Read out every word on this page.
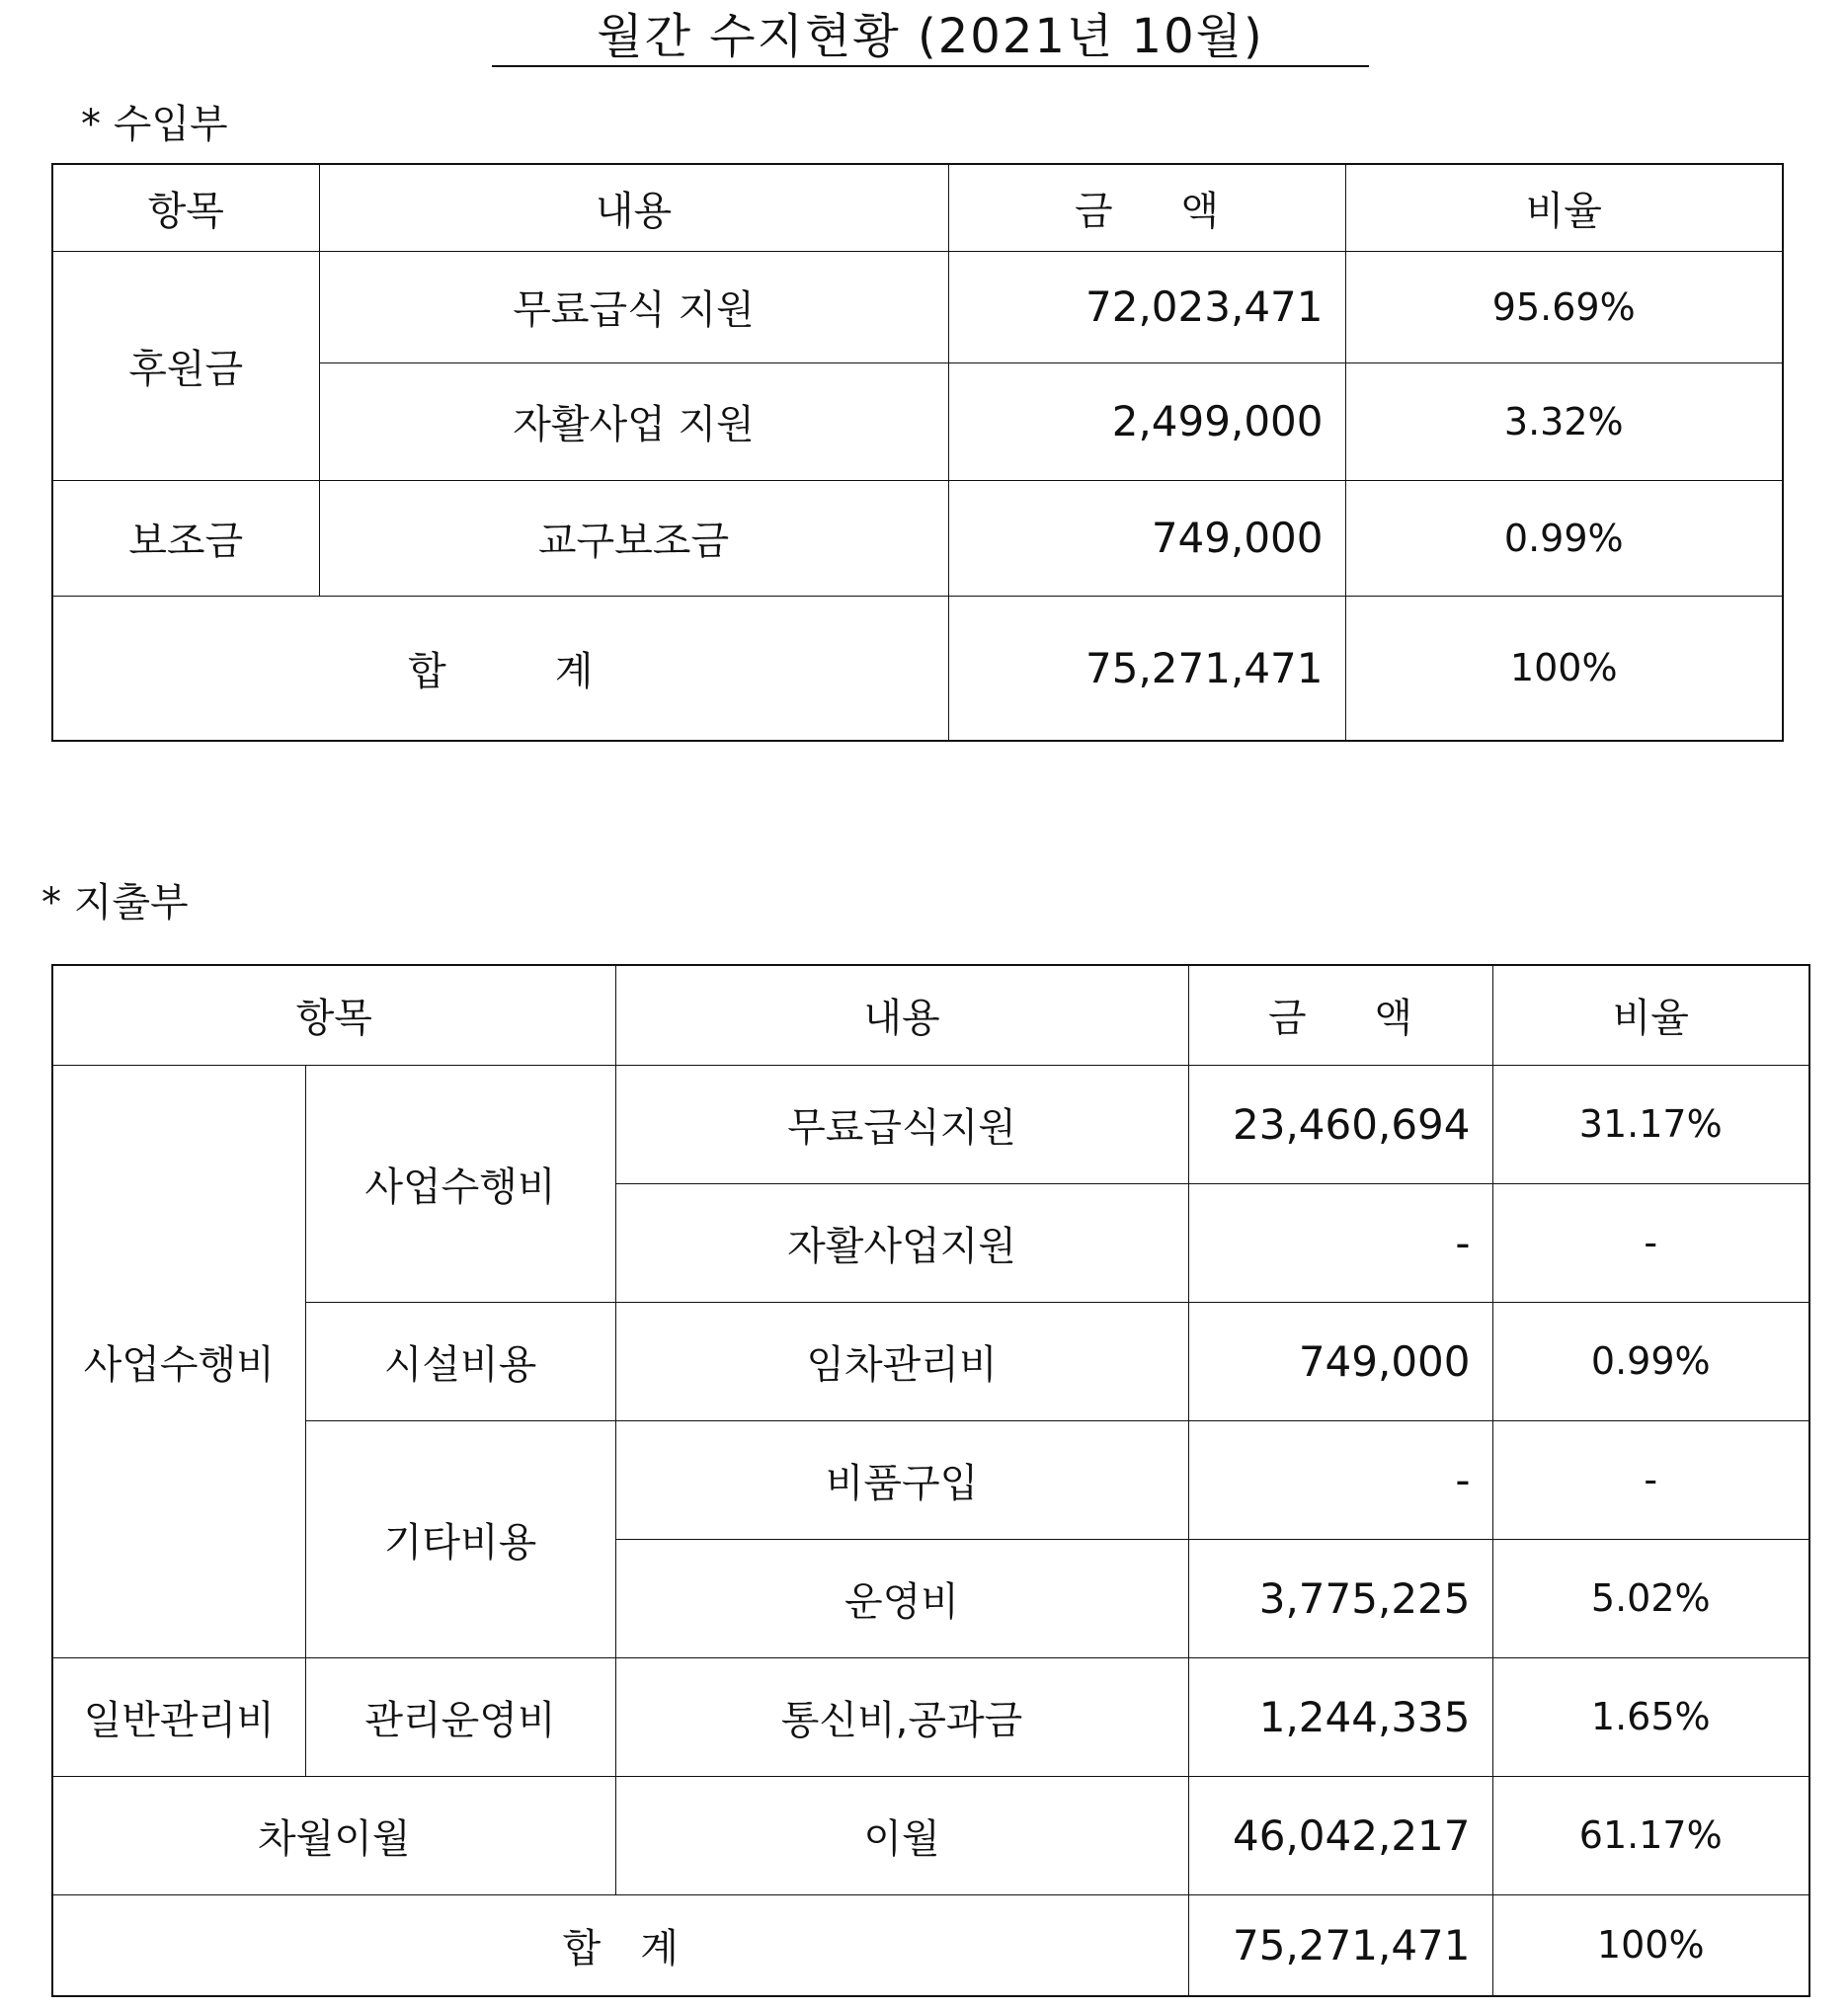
월간 수지현황 (2021년 10월)
* 수입부
항목	내용	금 액	비율
후원금	무료급식 지원	72,023,471	95.69%
	자활사업 지원	2,499,000	3.32%
보조금	교구보조금	749,000	0.99%
합계		75,271,471	100%
* 지출부
항목		내용	금 액	비율
사업수행비	사업수행비	무료급식지원	23,460,694	31.17%
		자활사업지원	-	-
	시설비용	임차관리비	749,000	0.99%
	기타비용	비품구입	-	-
		운영비	3,775,225	5.02%
일반관리비	관리운영비	통신비,공과금	1,244,335	1.65%
차월이월		이월	46,042,217	61.17%
합계			75,271,471	100%
